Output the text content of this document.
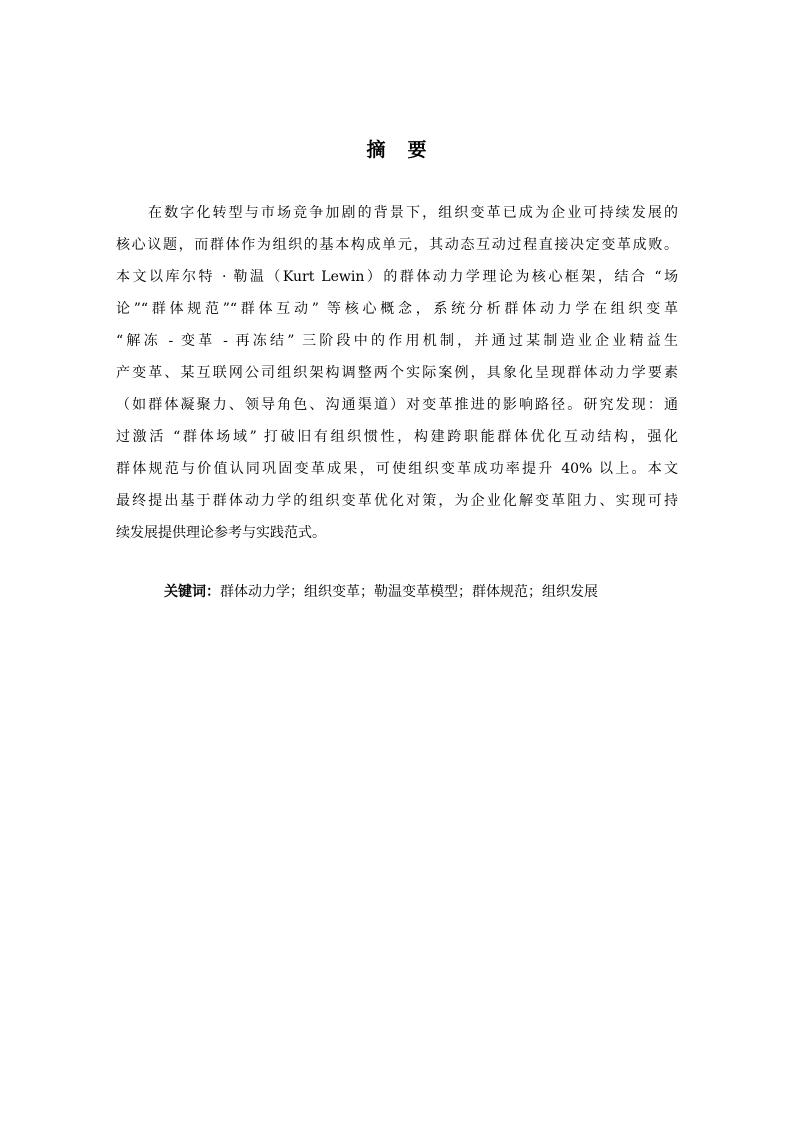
摘 要
在数字化转型与市场竞争加剧的背景下，组织变革已成为企业可持续发展的
核心议题，而群体作为组织的基本构成单元，其动态互动过程直接决定变革成败。
本文以库尔特 · 勒温（Kurt Lewin）的群体动力学理论为核心框架，结合 “场
论”“群体规范”“群体互动” 等核心概念，系统分析群体动力学在组织变革
“解冻 - 变革 - 再冻结” 三阶段中的作用机制，并通过某制造业企业精益生
产变革、某互联网公司组织架构调整两个实际案例，具象化呈现群体动力学要素
（如群体凝聚力、领导角色、沟通渠道）对变革推进的影响路径。研究发现：通
过激活 “群体场域” 打破旧有组织惯性，构建跨职能群体优化互动结构，强化
群体规范与价值认同巩固变革成果，可使组织变革成功率提升 40% 以上。本文
最终提出基于群体动力学的组织变革优化对策，为企业化解变革阻力、实现可持
续发展提供理论参考与实践范式。
关键词：群体动力学；组织变革；勒温变革模型；群体规范；组织发展
